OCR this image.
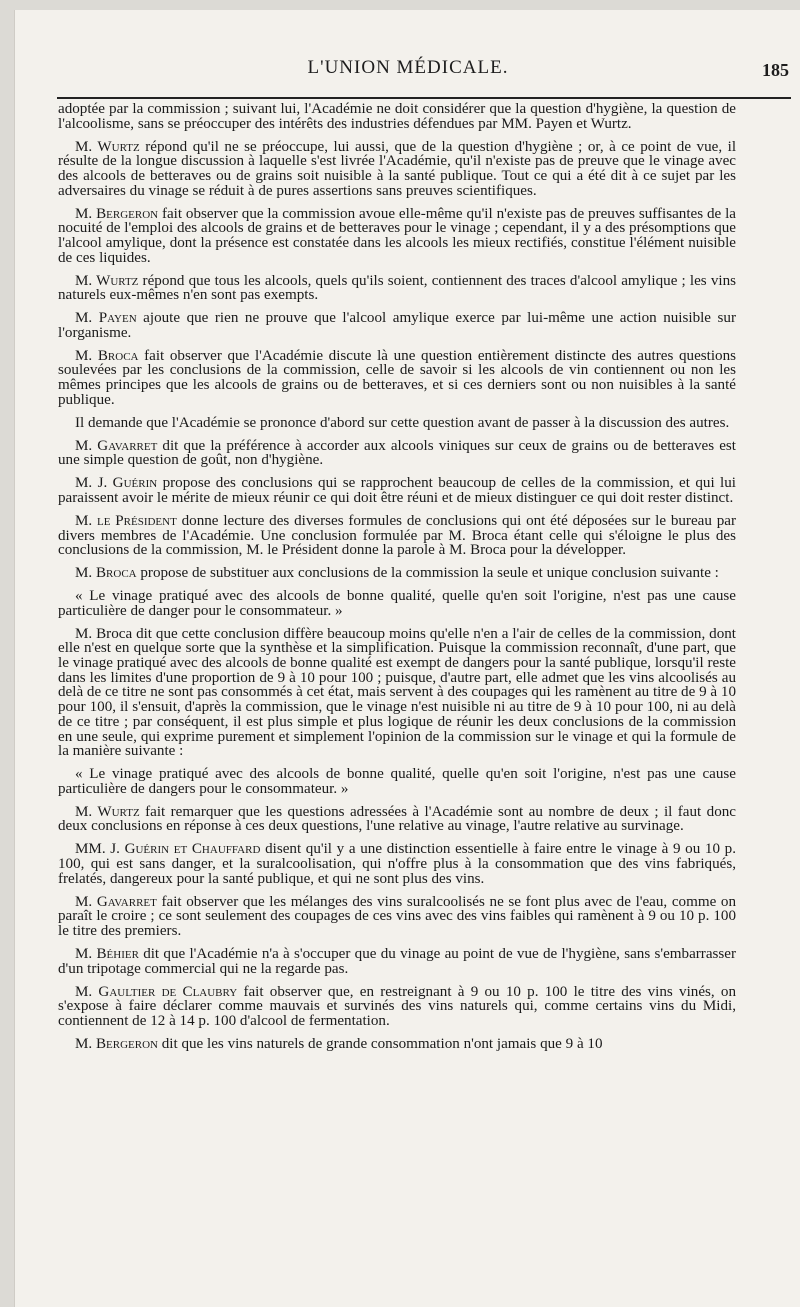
L'UNION MÉDICALE.	185

adoptée par la commission ; suivant lui, l'Académie ne doit considérer que la question d'hygiène, la question de l'alcoolisme, sans se préoccuper des intérêts des industries défendues par MM. Payen et Wurtz.

M. Wurtz répond qu'il ne se préoccupe, lui aussi, que de la question d'hygiène ; or, à ce point de vue, il résulte de la longue discussion à laquelle s'est livrée l'Académie, qu'il n'existe pas de preuve que le vinage avec des alcools de betteraves ou de grains soit nuisible à la santé publique. Tout ce qui a été dit à ce sujet par les adversaires du vinage se réduit à de pures assertions sans preuves scientifiques.

M. Bergeron fait observer que la commission avoue elle-même qu'il n'existe pas de preuves suffisantes de la nocuité de l'emploi des alcools de grains et de betteraves pour le vinage ; cependant, il y a des présomptions que l'alcool amylique, dont la présence est constatée dans les alcools les mieux rectifiés, constitue l'élément nuisible de ces liquides.

M. Wurtz répond que tous les alcools, quels qu'ils soient, contiennent des traces d'alcool amylique ; les vins naturels eux-mêmes n'en sont pas exempts.

M. Payen ajoute que rien ne prouve que l'alcool amylique exerce par lui-même une action nuisible sur l'organisme.

M. Broca fait observer que l'Académie discute là une question entièrement distincte des autres questions soulevées par les conclusions de la commission, celle de savoir si les alcools de vin contiennent ou non les mêmes principes que les alcools de grains ou de betteraves, et si ces derniers sont ou non nuisibles à la santé publique.

Il demande que l'Académie se prononce d'abord sur cette question avant de passer à la discussion des autres.

M. Gavarret dit que la préférence à accorder aux alcools viniques sur ceux de grains ou de betteraves est une simple question de goût, non d'hygiène.

M. J. Guérin propose des conclusions qui se rapprochent beaucoup de celles de la commission, et qui lui paraissent avoir le mérite de mieux réunir ce qui doit être réuni et de mieux distinguer ce qui doit rester distinct.

M. le Président donne lecture des diverses formules de conclusions qui ont été déposées sur le bureau par divers membres de l'Académie. Une conclusion formulée par M. Broca étant celle qui s'éloigne le plus des conclusions de la commission, M. le Président donne la parole à M. Broca pour la développer.

M. Broca propose de substituer aux conclusions de la commission la seule et unique conclusion suivante :

« Le vinage pratiqué avec des alcools de bonne qualité, quelle qu'en soit l'origine, n'est pas une cause particulière de danger pour le consommateur. »

M. Broca dit que cette conclusion diffère beaucoup moins qu'elle n'en a l'air de celles de la commission, dont elle n'est en quelque sorte que la synthèse et la simplification. Puisque la commission reconnaît, d'une part, que le vinage pratiqué avec des alcools de bonne qualité est exempt de dangers pour la santé publique, lorsqu'il reste dans les limites d'une proportion de 9 à 10 pour 100 ; puisque, d'autre part, elle admet que les vins alcoolisés au delà de ce titre ne sont pas consommés à cet état, mais servent à des coupages qui les ramènent au titre de 9 à 10 pour 100, il s'ensuit, d'après la commission, que le vinage n'est nuisible ni au titre de 9 à 10 pour 100, ni au delà de ce titre ; par conséquent, il est plus simple et plus logique de réunir les deux conclusions de la commission en une seule, qui exprime purement et simplement l'opinion de la commission sur le vinage et qui la formule de la manière suivante :

« Le vinage pratiqué avec des alcools de bonne qualité, quelle qu'en soit l'origine, n'est pas une cause particulière de dangers pour le consommateur. »

M. Wurtz fait remarquer que les questions adressées à l'Académie sont au nombre de deux ; il faut donc deux conclusions en réponse à ces deux questions, l'une relative au vinage, l'autre relative au survinage.

MM. J. Guérin et Chauffard disent qu'il y a une distinction essentielle à faire entre le vinage à 9 ou 10 p. 100, qui est sans danger, et la suralcoolisation, qui n'offre plus à la consommation que des vins fabriqués, frelatés, dangereux pour la santé publique, et qui ne sont plus des vins.

M. Gavarret fait observer que les mélanges des vins suralcoolisés ne se font plus avec de l'eau, comme on paraît le croire ; ce sont seulement des coupages de ces vins avec des vins faibles qui ramènent à 9 ou 10 p. 100 le titre des premiers.

M. Béhier dit que l'Académie n'a à s'occuper que du vinage au point de vue de l'hygiène, sans s'embarrasser d'un tripotage commercial qui ne la regarde pas.

M. Gaultier de Claubry fait observer que, en restreignant à 9 ou 10 p. 100 le titre des vins vinés, on s'expose à faire déclarer comme mauvais et survinés des vins naturels qui, comme certains vins du Midi, contiennent de 12 à 14 p. 100 d'alcool de fermentation.

M. Bergeron dit que les vins naturels de grande consommation n'ont jamais que 9 à 10
